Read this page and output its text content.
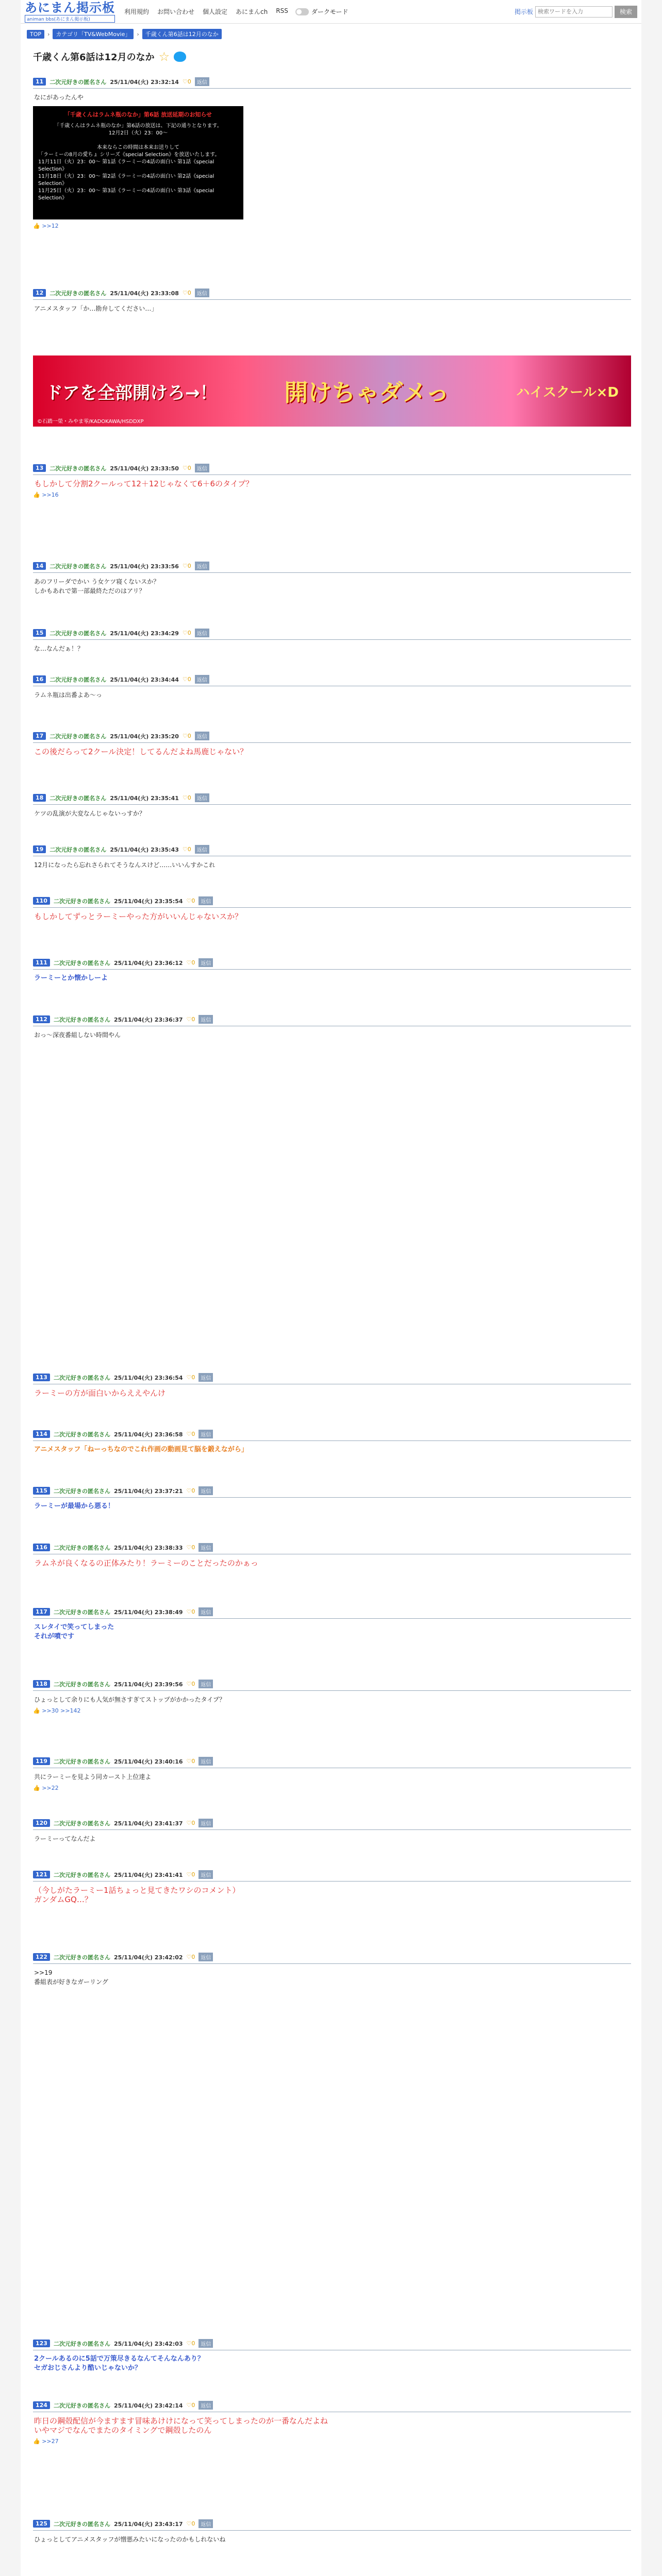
あにまん掲示板
animan bbs(あにまん掲示板)
利用規約 お問い合わせ 個人設定 あにまんch RSS	ダークモード	掲示板
検索ワードを入力	検索
TOP	›	カテゴリ「TV&WebMovie」	›	千歳くん第6話は12月のなか
千歳くん第6話は12月のなか ☆
11	二次元好きの匿名さん 25/11/04(火) 23:32:14 ♡0	返信
なにがあったんや
「千歳くんはラムネ瓶のなか」第6話 放送延期のお知らせ
「千歳くんはラムネ瓶のなか」第6話の放送は、下記の通りとなります。
12月2日（火）23：00～
本来ならこの時間は本来お送りして
「ラーミーの8月の愛ちょ シリーズ《special Selection》を放送いたします。
11月11日（火）23：00～ 第1話《ラーミーの4話の面白い 第1話《special Selection》
11月18日（火）23：00～ 第2話《ラーミーの4話の面白い 第2話《special Selection》
11月25日（火）23：00～ 第3話《ラーミーの4話の面白い 第3話《special Selection》
👍 >>12
12	二次元好きの匿名さん 25/11/04(火) 23:33:08 ♡0	返信
アニメスタッフ「か…勘弁してください…」
13	二次元好きの匿名さん 25/11/04(火) 23:33:50 ♡0	返信
もしかして分割2クールって12＋12じゃなくて6＋6のタイプ？
👍 >>16
14	二次元好きの匿名さん 25/11/04(火) 23:33:56 ♡0	返信
あのフリーダでかい う女ケツ寝くないスか？
しかもあれで第一部最終ただのはアリ？
15	二次元好きの匿名さん 25/11/04(火) 23:34:29 ♡0	返信
な…なんだぁ！？
16	二次元好きの匿名さん 25/11/04(火) 23:34:44 ♡0	返信
ラムネ瓶は出番よあ～っ
17	二次元好きの匿名さん 25/11/04(火) 23:35:20 ♡0	返信
この後だらって2クール決定！してるんだよね馬鹿じゃない？
18	二次元好きの匿名さん 25/11/04(火) 23:35:41 ♡0	返信
ケツの乱演が大変なんじゃないっすか？
19	二次元好きの匿名さん 25/11/04(火) 23:35:43 ♡0	返信
12月になったら忘れさられてそうなんスけど……いいんすかこれ
110	二次元好きの匿名さん 25/11/04(火) 23:35:54 ♡0	返信
もしかしてずっとラーミーやった方がいいんじゃないスか？
111	二次元好きの匿名さん 25/11/04(火) 23:36:12 ♡0	返信
ラーミーとか懐かしーよ
112	二次元好きの匿名さん 25/11/04(火) 23:36:37 ♡0	返信
おっ～深夜番組しない時間やん
113	二次元好きの匿名さん 25/11/04(火) 23:36:54 ♡0	返信
ラーミーの方が面白いからええやんけ
114	二次元好きの匿名さん 25/11/04(火) 23:36:58 ♡0	返信
アニメスタッフ「ねーっちなのでこれ作画の動画見て脳を鍛えながら」
115	二次元好きの匿名さん 25/11/04(火) 23:37:21 ♡0	返信
ラーミーが最場から悪る！
116	二次元好きの匿名さん 25/11/04(火) 23:38:33 ♡0	返信
ラムネが良くなるの正体みたり！ラーミーのことだったのかぁっ
117	二次元好きの匿名さん 25/11/04(火) 23:38:49 ♡0	返信
スレタイで笑ってしまった
それが噴です
118	二次元好きの匿名さん 25/11/04(火) 23:39:56 ♡0	返信
ひょっとして余りにも人気が無さすぎてストップがかかったタイプ？
👍 >>30 >>142
119	二次元好きの匿名さん 25/11/04(火) 23:40:16 ♡0	返信
共にラーミーを見よう同カースト上位達よ
👍 >>22
120	二次元好きの匿名さん 25/11/04(火) 23:41:37 ♡0	返信
ラーミーってなんだよ
121	二次元好きの匿名さん 25/11/04(火) 23:41:41 ♡0	返信
（今しがたラーミー1話ちょっと見てきたワシのコメント）
ガンダムGQ…？
122	二次元好きの匿名さん 25/11/04(火) 23:42:02 ♡0	返信
>>19
番組表が好きなガーリング
123	二次元好きの匿名さん 25/11/04(火) 23:42:03 ♡0	返信
2クールあるのに5話で万策尽きるなんてそんなんあり？
セガおじさんより酷いじゃないか？
124	二次元好きの匿名さん 25/11/04(火) 23:42:14 ♡0	返信
昨日の鋼殻配信が今ますます冒味あけけになって笑ってしまったのが一番なんだよね
いやマジでなんでまたのタイミングで鋼殻したのん
👍 >>27
125	二次元好きの匿名さん 25/11/04(火) 23:43:17 ♡0	返信
ひょっとしてアニメスタッフが憎悪みたいになったのかもしれないね
ドアを全部開けろ→！	開けちゃダメっ	ハイスクール×D
©石踏一榮・みやま零/KADOKAWA/HSDDXP
